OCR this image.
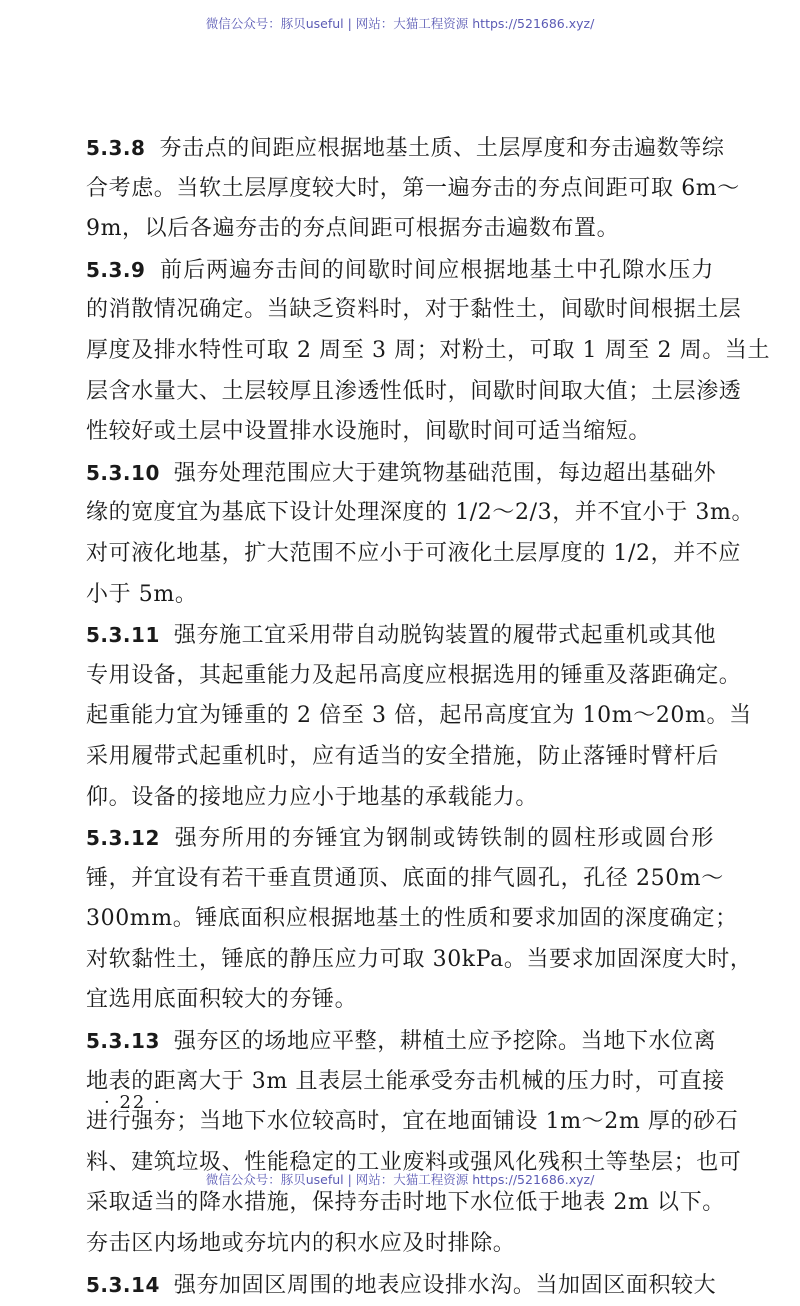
微信公众号：豚贝useful | 网站：大猫工程资源 https://521686.xyz/
5.3.8 夯击点的间距应根据地基土质、土层厚度和夯击遍数等综
合考虑。当软土层厚度较大时，第一遍夯击的夯点间距可取 6m～
9m，以后各遍夯击的夯点间距可根据夯击遍数布置。
5.3.9 前后两遍夯击间的间歇时间应根据地基土中孔隙水压力
的消散情况确定。当缺乏资料时，对于黏性土，间歇时间根据土层
厚度及排水特性可取 2 周至 3 周；对粉土，可取 1 周至 2 周。当土
层含水量大、土层较厚且渗透性低时，间歇时间取大值；土层渗透
性较好或土层中设置排水设施时，间歇时间可适当缩短。
5.3.10 强夯处理范围应大于建筑物基础范围，每边超出基础外
缘的宽度宜为基底下设计处理深度的 1/2～2/3，并不宜小于 3m。
对可液化地基，扩大范围不应小于可液化土层厚度的 1/2，并不应
小于 5m。
5.3.11 强夯施工宜采用带自动脱钩装置的履带式起重机或其他
专用设备，其起重能力及起吊高度应根据选用的锤重及落距确定。
起重能力宜为锤重的 2 倍至 3 倍，起吊高度宜为 10m～20m。当
采用履带式起重机时，应有适当的安全措施，防止落锤时臂杆后
仰。设备的接地应力应小于地基的承载能力。
5.3.12 强夯所用的夯锤宜为钢制或铸铁制的圆柱形或圆台形
锤，并宜设有若干垂直贯通顶、底面的排气圆孔，孔径 250m～
300mm。锤底面积应根据地基土的性质和要求加固的深度确定；
对软黏性土，锤底的静压应力可取 30kPa。当要求加固深度大时，
宜选用底面积较大的夯锤。
5.3.13 强夯区的场地应平整，耕植土应予挖除。当地下水位离
地表的距离大于 3m 且表层土能承受夯击机械的压力时，可直接
进行强夯；当地下水位较高时，宜在地面铺设 1m～2m 厚的砂石
料、建筑垃圾、性能稳定的工业废料或强风化残积土等垫层；也可
采取适当的降水措施，保持夯击时地下水位低于地表 2m 以下。
夯击区内场地或夯坑内的积水应及时排除。
5.3.14 强夯加固区周围的地表应设排水沟。当加固区面积较大
· 22 ·
微信公众号：豚贝useful | 网站：大猫工程资源 https://521686.xyz/
